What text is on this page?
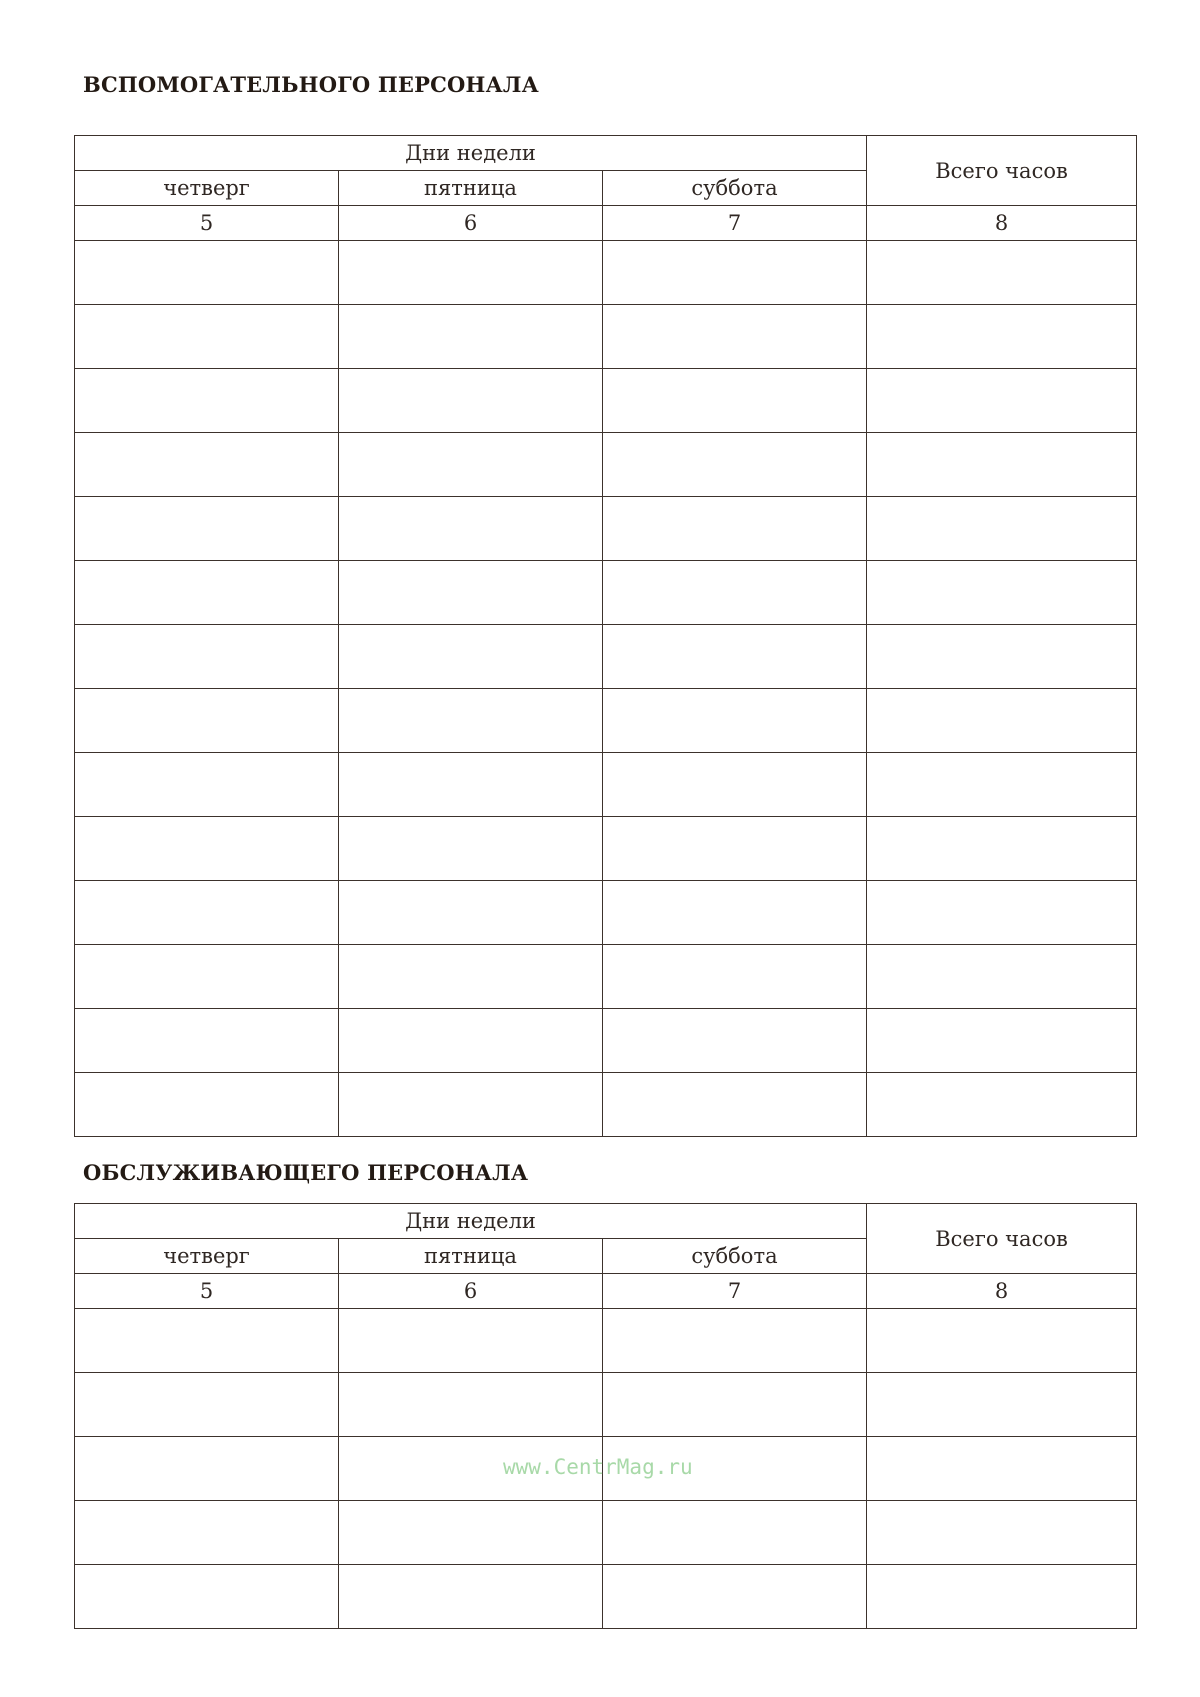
ВСПОМОГАТЕЛЬНОГО ПЕРСОНАЛА
Дни недели			Всего часов
четверг	пятница	суббота	
5	6	7	8

ОБСЛУЖИВАЮЩЕГО ПЕРСОНАЛА
Дни недели			Всего часов
четверг	пятница	суббота	
5	6	7	8

www.CentrMag.ru
